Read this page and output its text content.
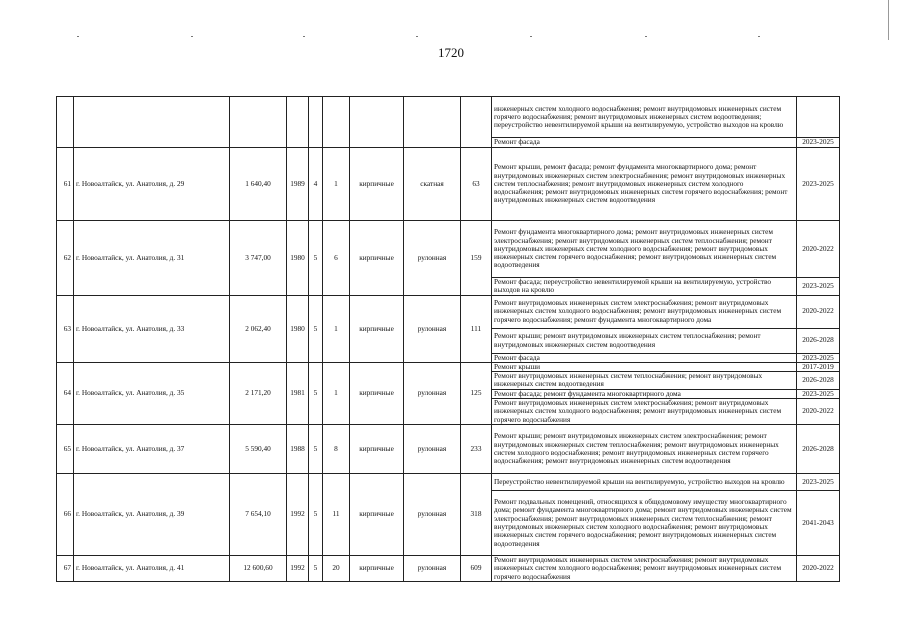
1720
									инженерных систем холодного водоснабжения; ремонт внутридомовых инженерных систем горячего водоснабжения; ремонт внутридомовых инженерных систем водоотведения; переустройство невентилируемой крыши на вентилируемую, устройство выходов на кровлю	
									Ремонт фасада	2023-2025
61	г. Новоалтайск, ул. Анатолия, д. 29	1 640,40	1989	4	1	кирпичные	скатная	63	Ремонт крыши, ремонт фасада; ремонт фундамента многоквартирного дома; ремонт внутридомовых инженерных систем электроснабжения; ремонт внутридомовых инженерных систем теплоснабжения; ремонт внутридомовых инженерных систем холодного водоснабжения; ремонт внутридомовых инженерных систем горячего водоснабжения; ремонт внутридомовых инженерных систем водоотведения	2023-2025
62	г. Новоалтайск, ул. Анатолия, д. 31	3 747,00	1980	5	6	кирпичные	рулонная	159	Ремонт фундамента многоквартирного дома; ремонт внутридомовых инженерных систем электроснабжения; ремонт внутридомовых инженерных систем теплоснабжения; ремонт внутридомовых инженерных систем холодного водоснабжения; ремонт внутридомовых инженерных систем горячего водоснабжения; ремонт внутридомовых инженерных систем водоотведения	2020-2022
									Ремонт фасада; переустройство невентилируемой крыши на вентилируемую, устройство выходов на кровлю	2023-2025
63	г. Новоалтайск, ул. Анатолия, д. 33	2 062,40	1980	5	1	кирпичные	рулонная	111	Ремонт внутридомовых инженерных систем электроснабжения; ремонт внутридомовых инженерных систем холодного водоснабжения; ремонт внутридомовых инженерных систем горячего водоснабжения; ремонт фундамента многоквартирного дома	2020-2022
									Ремонт крыши; ремонт внутридомовых инженерных систем теплоснабжения; ремонт внутридомовых инженерных систем водоотведения	2026-2028
									Ремонт фасада	2023-2025
64	г. Новоалтайск, ул. Анатолия, д. 35	2 171,20	1981	5	1	кирпичные	рулонная	125	Ремонт крыши	2017-2019
									Ремонт внутридомовых инженерных систем теплоснабжения; ремонт внутридомовых инженерных систем водоотведения	2026-2028
									Ремонт фасада; ремонт фундамента многоквартирного дома	2023-2025
									Ремонт внутридомовых инженерных систем электроснабжения; ремонт внутридомовых инженерных систем холодного водоснабжения; ремонт внутридомовых инженерных систем горячего водоснабжения	2020-2022
65	г. Новоалтайск, ул. Анатолия, д. 37	5 590,40	1988	5	8	кирпичные	рулонная	233	Ремонт крыши; ремонт внутридомовых инженерных систем электроснабжения; ремонт внутридомовых инженерных систем теплоснабжения; ремонт внутридомовых инженерных систем холодного водоснабжения; ремонт внутридомовых инженерных систем горячего водоснабжения; ремонт внутридомовых инженерных систем водоотведения	2026-2028
66	г. Новоалтайск, ул. Анатолия, д. 39	7 654,10	1992	5	11	кирпичные	рулонная	318	Переустройство невентилируемой крыши на вентилируемую, устройство выходов на кровлю	2023-2025
									Ремонт подвальных помещений, относящихся к общедомовому имуществу многоквартирного дома; ремонт фундамента многоквартирного дома; ремонт внутридомовых инженерных систем электроснабжения; ремонт внутридомовых инженерных систем теплоснабжения; ремонт внутридомовых инженерных систем холодного водоснабжения; ремонт внутридомовых инженерных систем горячего водоснабжения; ремонт внутридомовых инженерных систем водоотведения	2041-2043
67	г. Новоалтайск, ул. Анатолия, д. 41	12 600,60	1992	5	20	кирпичные	рулонная	609	Ремонт внутридомовых инженерных систем электроснабжения; ремонт внутридомовых инженерных систем холодного водоснабжения; ремонт внутридомовых инженерных систем горячего водоснабжения	2020-2022
